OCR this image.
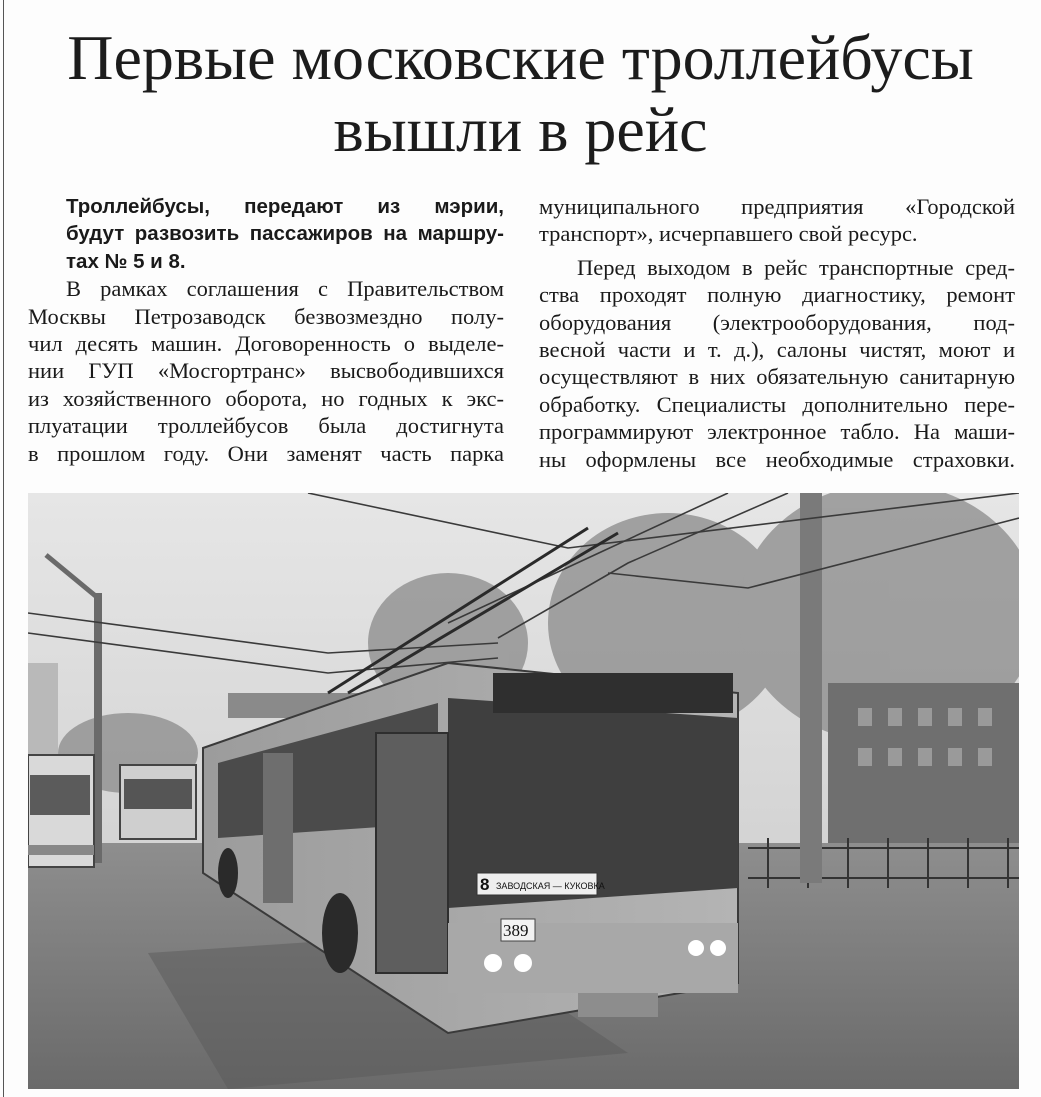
Первые московские троллейбусы
вышли в рейс

Троллейбусы, передают из мэрии,
будут развозить пассажиров на маршру-
тах № 5 и 8.

В рамках соглашения с Правительством
Москвы Петрозаводск безвозмездно полу-
чил десять машин. Договоренность о выделе-
нии ГУП «Мосгортранс» высвободившихся
из хозяйственного оборота, но годных к экс-
плуатации троллейбусов была достигнута
в прошлом году. Они заменят часть парка

муниципального предприятия «Городской
транспорт», исчерпавшего свой ресурс.

Перед выходом в рейс транспортные сред-
ства проходят полную диагностику, ремонт
оборудования (электрооборудования, под-
весной части и т. д.), салоны чистят, моют и
осуществляют в них обязательную санитарную
обработку. Специалисты дополнительно пере-
программируют электронное табло. На маши-
ны оформлены все необходимые страховки.

8 ЗАВОДСКАЯ — КУКОВКА
389
